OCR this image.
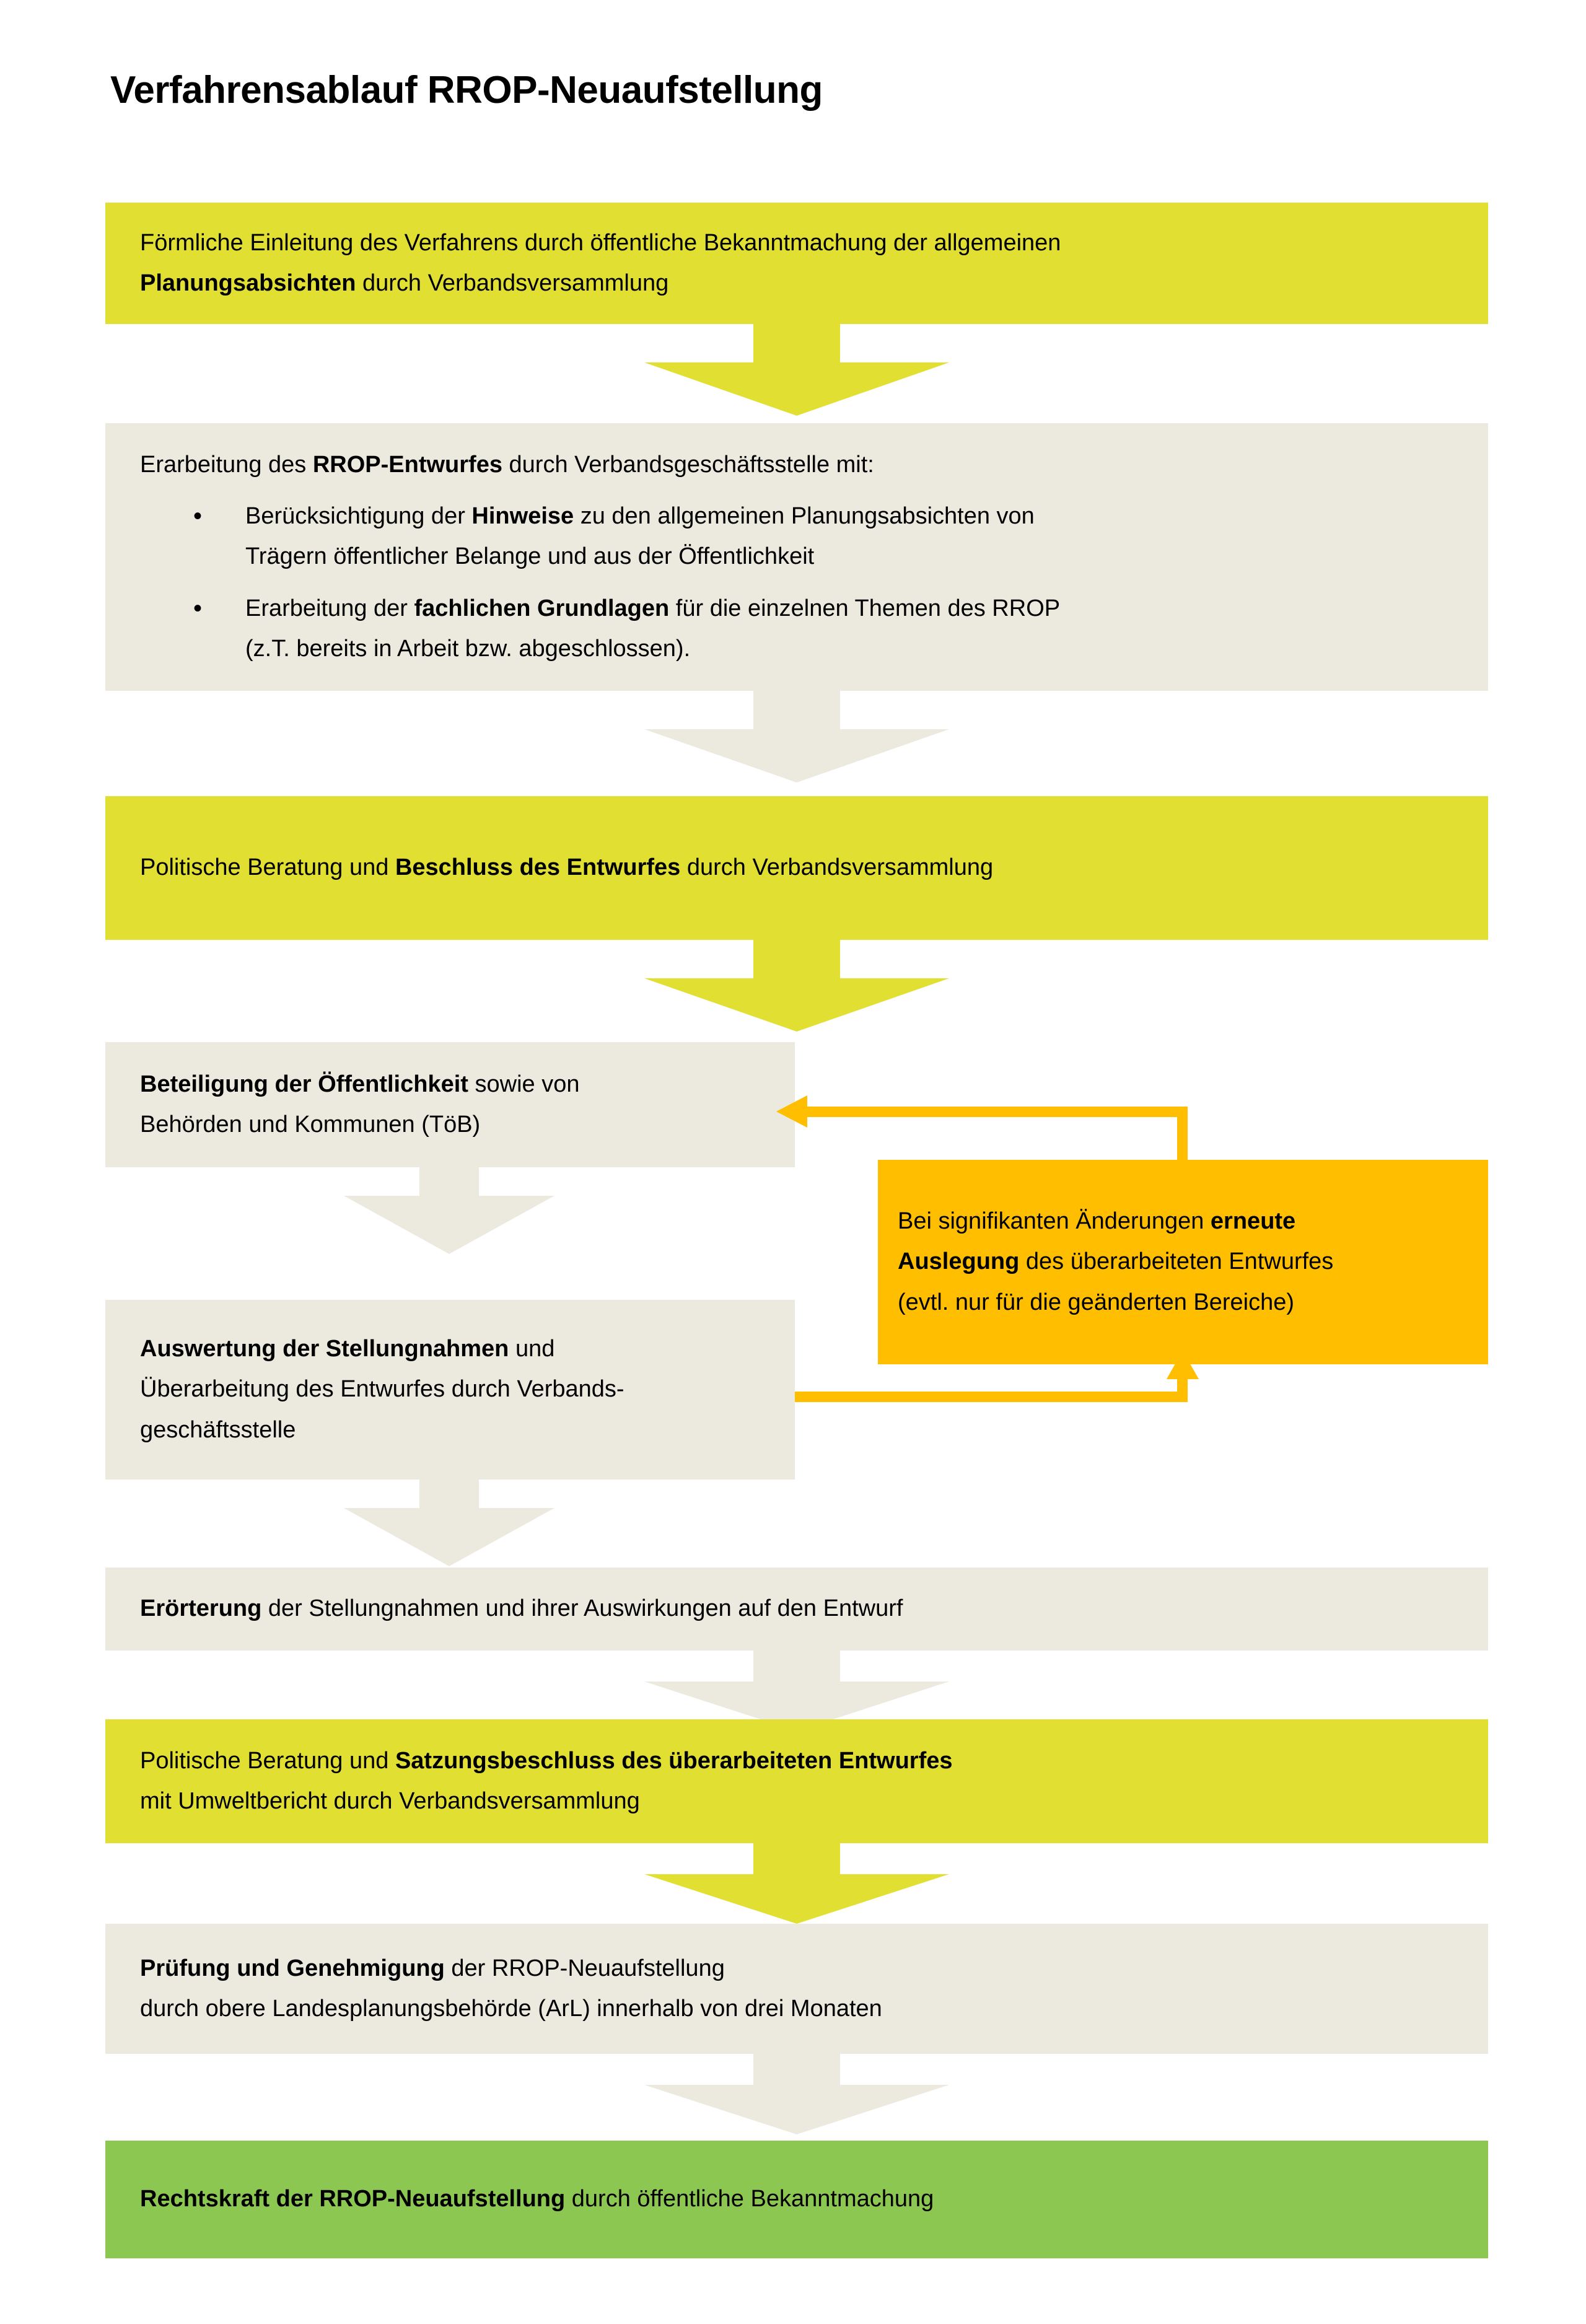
Verfahrensablauf RROP-Neuaufstellung
Förmliche Einleitung des Verfahrens durch öffentliche Bekanntmachung der allgemeinen
Planungsabsichten durch Verbandsversammlung
Erarbeitung des RROP-Entwurfes durch Verbandsgeschäftsstelle mit:
• Berücksichtigung der Hinweise zu den allgemeinen Planungsabsichten von
Trägern öffentlicher Belange und aus der Öffentlichkeit
• Erarbeitung der fachlichen Grundlagen für die einzelnen Themen des RROP
(z.T. bereits in Arbeit bzw. abgeschlossen).
Politische Beratung und Beschluss des Entwurfes durch Verbandsversammlung
Beteiligung der Öffentlichkeit sowie von
Behörden und Kommunen (TöB)
Auswertung der Stellungnahmen und
Überarbeitung des Entwurfes durch Verbands-
geschäftsstelle
Bei signifikanten Änderungen erneute
Auslegung des überarbeiteten Entwurfes
(evtl. nur für die geänderten Bereiche)
Erörterung der Stellungnahmen und ihrer Auswirkungen auf den Entwurf
Politische Beratung und Satzungsbeschluss des überarbeiteten Entwurfes
mit Umweltbericht durch Verbandsversammlung
Prüfung und Genehmigung der RROP-Neuaufstellung
durch obere Landesplanungsbehörde (ArL) innerhalb von drei Monaten
Rechtskraft der RROP-Neuaufstellung durch öffentliche Bekanntmachung
